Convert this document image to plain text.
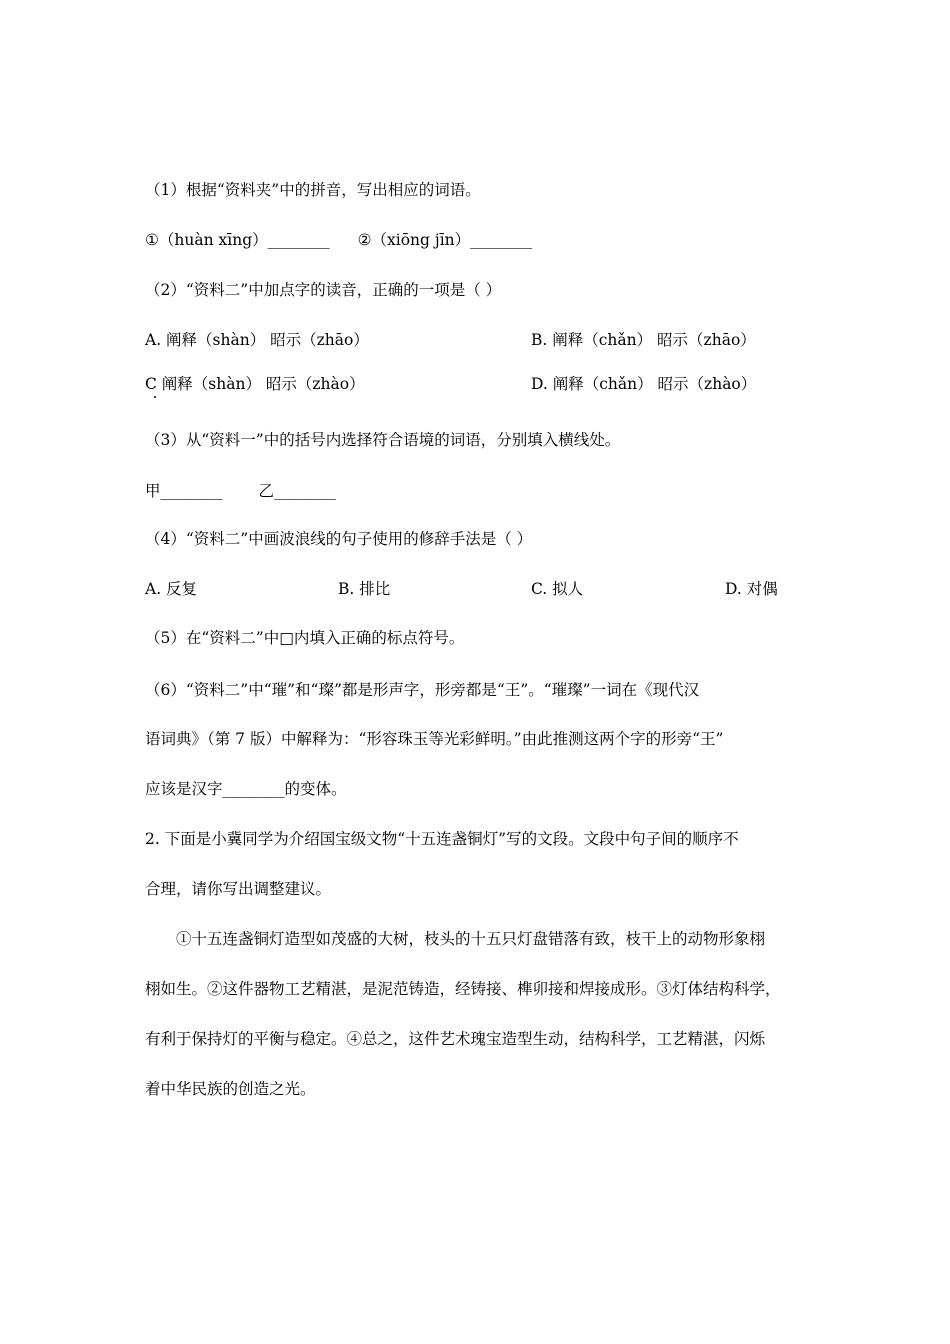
（1）根据“资料夹”中的拼音，写出相应的词语。
①（huàn xīng）________ ②（xiōng jīn）________
（2）“资料二”中加点字的读音，正确的一项是（ ）
A. 阐释（shàn） 昭示（zhāo）	B. 阐释（chǎn） 昭示（zhāo）
C 阐释（shàn） 昭示（zhào）	D. 阐释（chǎn） 昭示（zhào）
（3）从“资料一”中的括号内选择符合语境的词语，分别填入横线处。
甲________ 乙________
（4）“资料二”中画波浪线的句子使用的修辞手法是（ ）
A. 反复	B. 排比	C. 拟人	D. 对偶
（5）在“资料二”中□内填入正确的标点符号。
（6）“资料二”中“璀”和“璨”都是形声字，形旁都是“王”。“璀璨”一词在《现代汉
语词典》（第 7 版）中解释为：“形容珠玉等光彩鲜明。”由此推测这两个字的形旁“王”
应该是汉字________的变体。
2. 下面是小冀同学为介绍国宝级文物“十五连盏铜灯”写的文段。文段中句子间的顺序不
合理，请你写出调整建议。
①十五连盏铜灯造型如茂盛的大树，枝头的十五只灯盘错落有致，枝干上的动物形象栩
栩如生。②这件器物工艺精湛，是泥范铸造，经铸接、榫卯接和焊接成形。③灯体结构科学，
有利于保持灯的平衡与稳定。④总之，这件艺术瑰宝造型生动，结构科学，工艺精湛，闪烁
着中华民族的创造之光。
